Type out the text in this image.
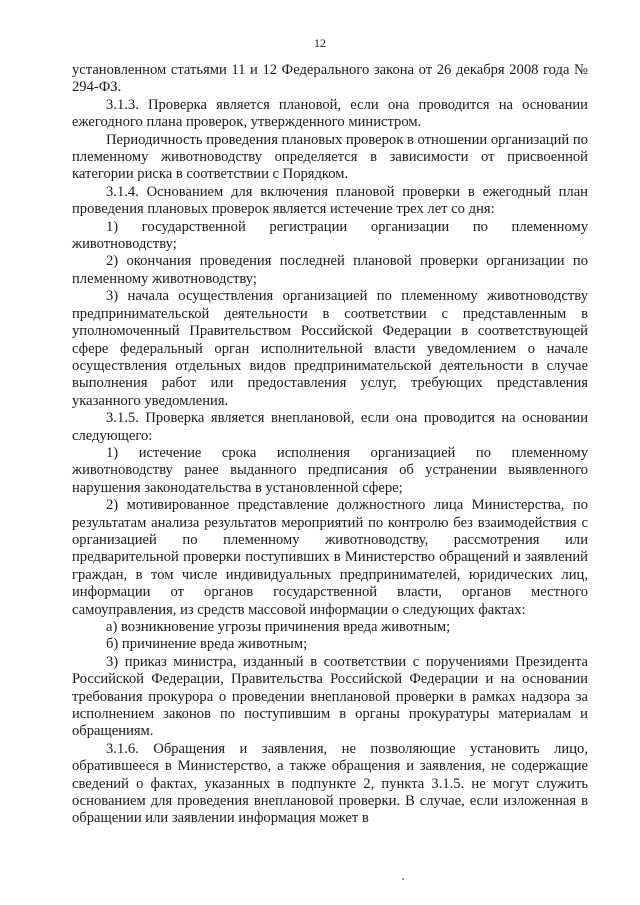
12

установленном статьями 11 и 12 Федерального закона от 26 декабря 2008 года № 294-ФЗ.

3.1.3. Проверка является плановой, если она проводится на основании ежегодного плана проверок, утвержденного министром.

Периодичность проведения плановых проверок в отношении организаций по племенному животноводству определяется в зависимости от присвоенной категории риска в соответствии с Порядком.

3.1.4. Основанием для включения плановой проверки в ежегодный план проведения плановых проверок является истечение трех лет со дня:

1) государственной регистрации организации по племенному животноводству;

2) окончания проведения последней плановой проверки организации по племенному животноводству;

3) начала осуществления организацией по племенному животноводству предпринимательской деятельности в соответствии с представленным в уполномоченный Правительством Российской Федерации в соответствующей сфере федеральный орган исполнительной власти уведомлением о начале осуществления отдельных видов предпринимательской деятельности в случае выполнения работ или предоставления услуг, требующих представления указанного уведомления.

3.1.5. Проверка является внеплановой, если она проводится на основании следующего:

1) истечение срока исполнения организацией по племенному животноводству ранее выданного предписания об устранении выявленного нарушения законодательства в установленной сфере;

2) мотивированное представление должностного лица Министерства, по результатам анализа результатов мероприятий по контролю без взаимодействия с организацией по племенному животноводству, рассмотрения или предварительной проверки поступивших в Министерство обращений и заявлений граждан, в том числе индивидуальных предпринимателей, юридических лиц, информации от органов государственной власти, органов местного самоуправления, из средств массовой информации о следующих фактах:

а) возникновение угрозы причинения вреда животным;

б) причинение вреда животным;

3) приказ министра, изданный в соответствии с поручениями Президента Российской Федерации, Правительства Российской Федерации и на основании требования прокурора о проведении внеплановой проверки в рамках надзора за исполнением законов по поступившим в органы прокуратуры материалам и обращениям.

3.1.6. Обращения и заявления, не позволяющие установить лицо, обратившееся в Министерство, а также обращения и заявления, не содержащие сведений о фактах, указанных в подпункте 2, пункта 3.1.5. не могут служить основанием для проведения внеплановой проверки. В случае, если изложенная в обращении или заявлении информация может в
